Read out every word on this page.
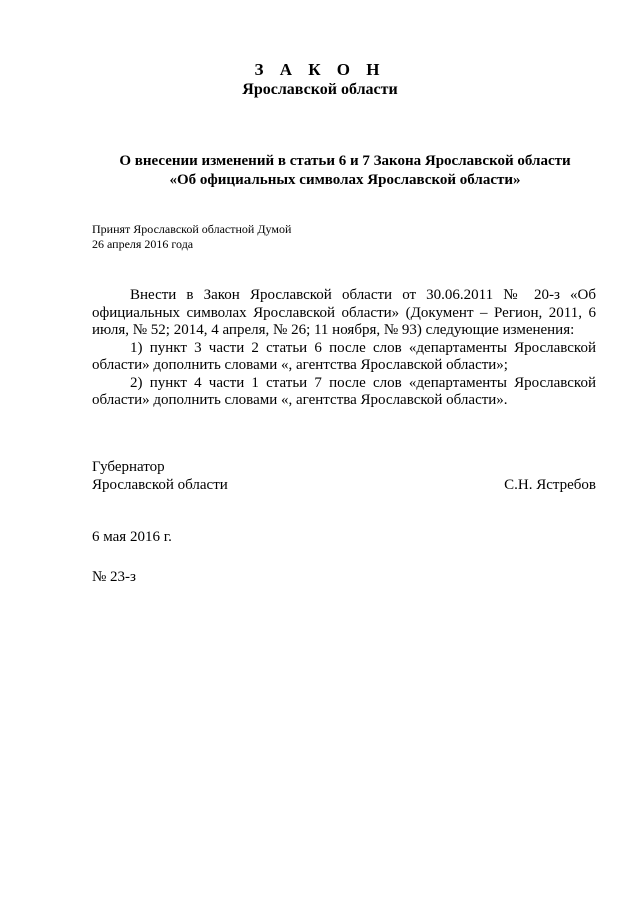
З А К О Н
Ярославской области
О внесении изменений в статьи 6 и 7 Закона Ярославской области
«Об официальных символах Ярославской области»
Принят Ярославской областной Думой
26 апреля 2016 года

Внести в Закон Ярославской области от 30.06.2011 № 20-з «Об официальных символах Ярославской области» (Документ – Регион, 2011, 6 июля, № 52; 2014, 4 апреля, № 26; 11 ноября, № 93) следующие изменения:

1) пункт 3 части 2 статьи 6 после слов «департаменты Ярославской области» дополнить словами «, агентства Ярославской области»;

2) пункт 4 части 1 статьи 7 после слов «департаменты Ярославской области» дополнить словами «, агентства Ярославской области».

Губернатор
Ярославской области	С.Н. Ястребов
6 мая 2016 г.
№ 23-з
